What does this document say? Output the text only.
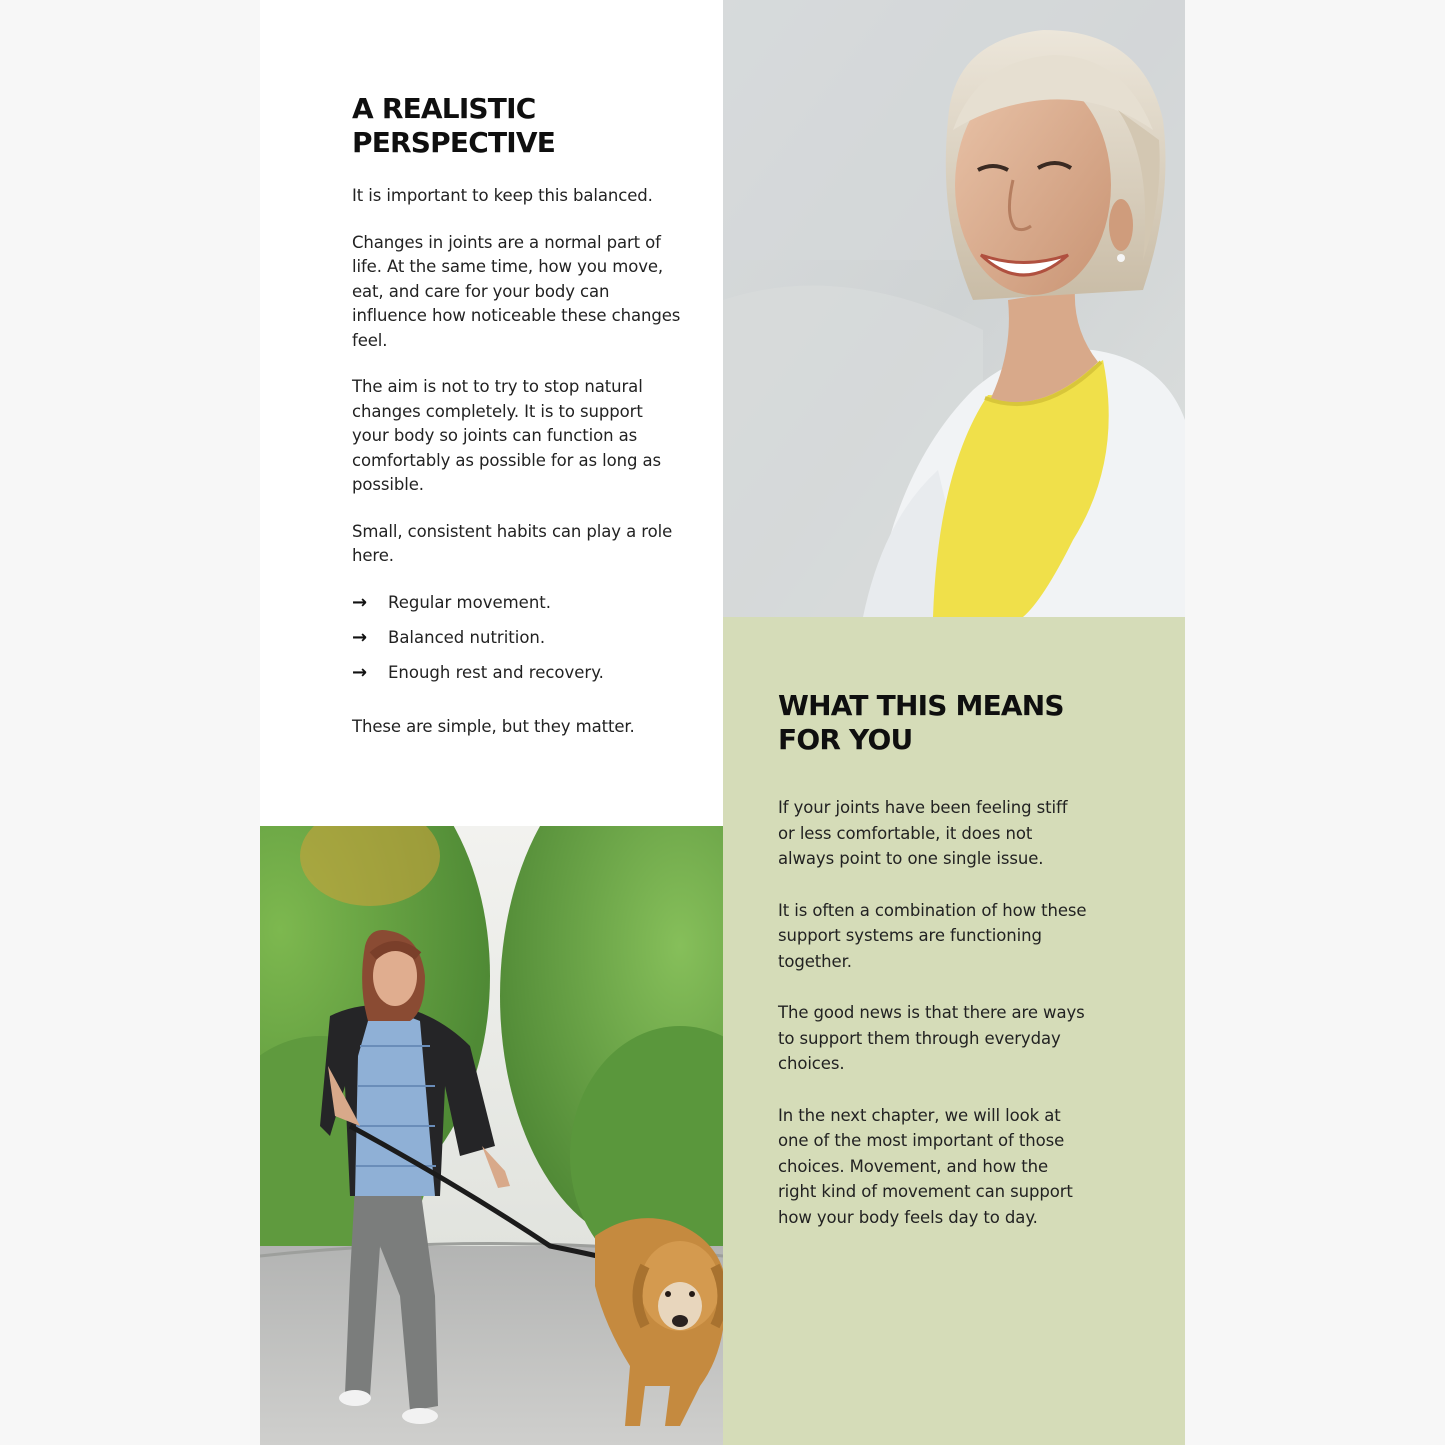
A REALISTIC PERSPECTIVE

It is important to keep this balanced.

Changes in joints are a normal part of life. At the same time, how you move, eat, and care for your body can influence how noticeable these changes feel.

The aim is not to try to stop natural changes completely. It is to support your body so joints can function as comfortably as possible for as long as possible.

Small, consistent habits can play a role here.

→	Regular movement.
→	Balanced nutrition.
→	Enough rest and recovery.

These are simple, but they matter.

WHAT THIS MEANS FOR YOU

If your joints have been feeling stiff or less comfortable, it does not always point to one single issue.

It is often a combination of how these support systems are functioning together.

The good news is that there are ways to support them through everyday choices.

In the next chapter, we will look at one of the most important of those choices. Movement, and how the right kind of movement can support how your body feels day to day.
